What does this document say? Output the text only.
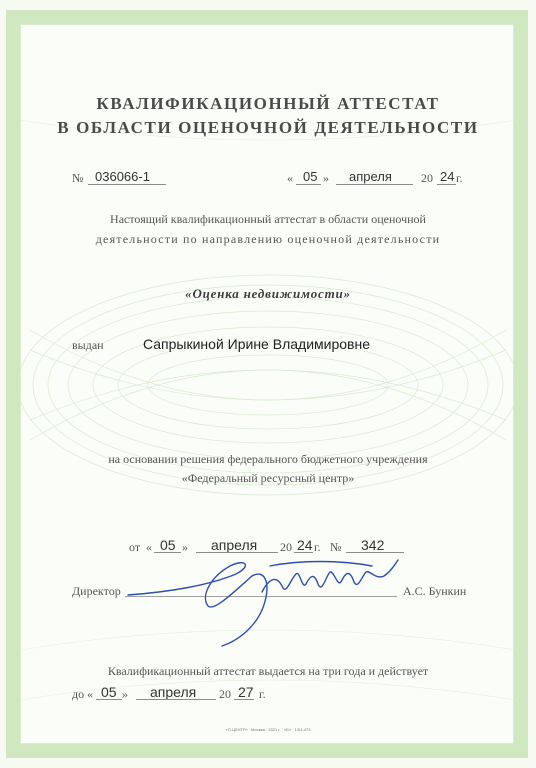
КВАЛИФИКАЦИОННЫЙ АТТЕСТАТ
В ОБЛАСТИ ОЦЕНОЧНОЙ ДЕЯТЕЛЬНОСТИ
№ 036066-1	« 05 » апреля 20 24 г.
Настоящий квалификационный аттестат в области оценочной
деятельности по направлению оценочной деятельности
«Оценка недвижимости»
выдан	Сапрыкиной Ирине Владимировне
на основании решения федерального бюджетного учреждения
«Федеральный ресурсный центр»
от « 05 » апреля 20 24 г. № 342
Директор	А.С. Бункин
Квалификационный аттестат выдается на три года и действует
до « 05 » апреля 20 27 г.
«П-ЦЕНТР» · Москва · 2021 г. · «Б» · 13/1-473
